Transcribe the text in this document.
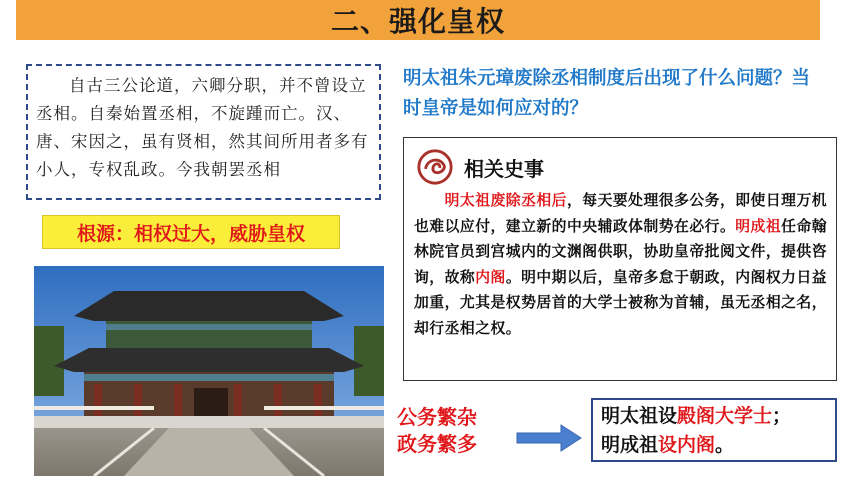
二、强化皇权
自古三公论道，六卿分职，并不曾设立丞相。自秦始置丞相，不旋踵而亡。汉、唐、宋因之，虽有贤相，然其间所用者多有小人，专权乱政。今我朝罢丞相
根源：相权过大，威胁皇权
明太祖朱元璋废除丞相制度后出现了什么问题？当时皇帝是如何应对的？
相关史事
  明太祖废除丞相后，每天要处理很多公务，即使日理万机也难以应付，建立新的中央辅政体制势在必行。明成祖任命翰林院官员到宫城内的文渊阁供职，协助皇帝批阅文件，提供咨询，故称内阁。明中期以后，皇帝多怠于朝政，内阁权力日益加重，尤其是权势居首的大学士被称为首辅，虽无丞相之名，却行丞相之权。
公务繁杂
政务繁多
明太祖设殿阁大学士；
明成祖设内阁。
